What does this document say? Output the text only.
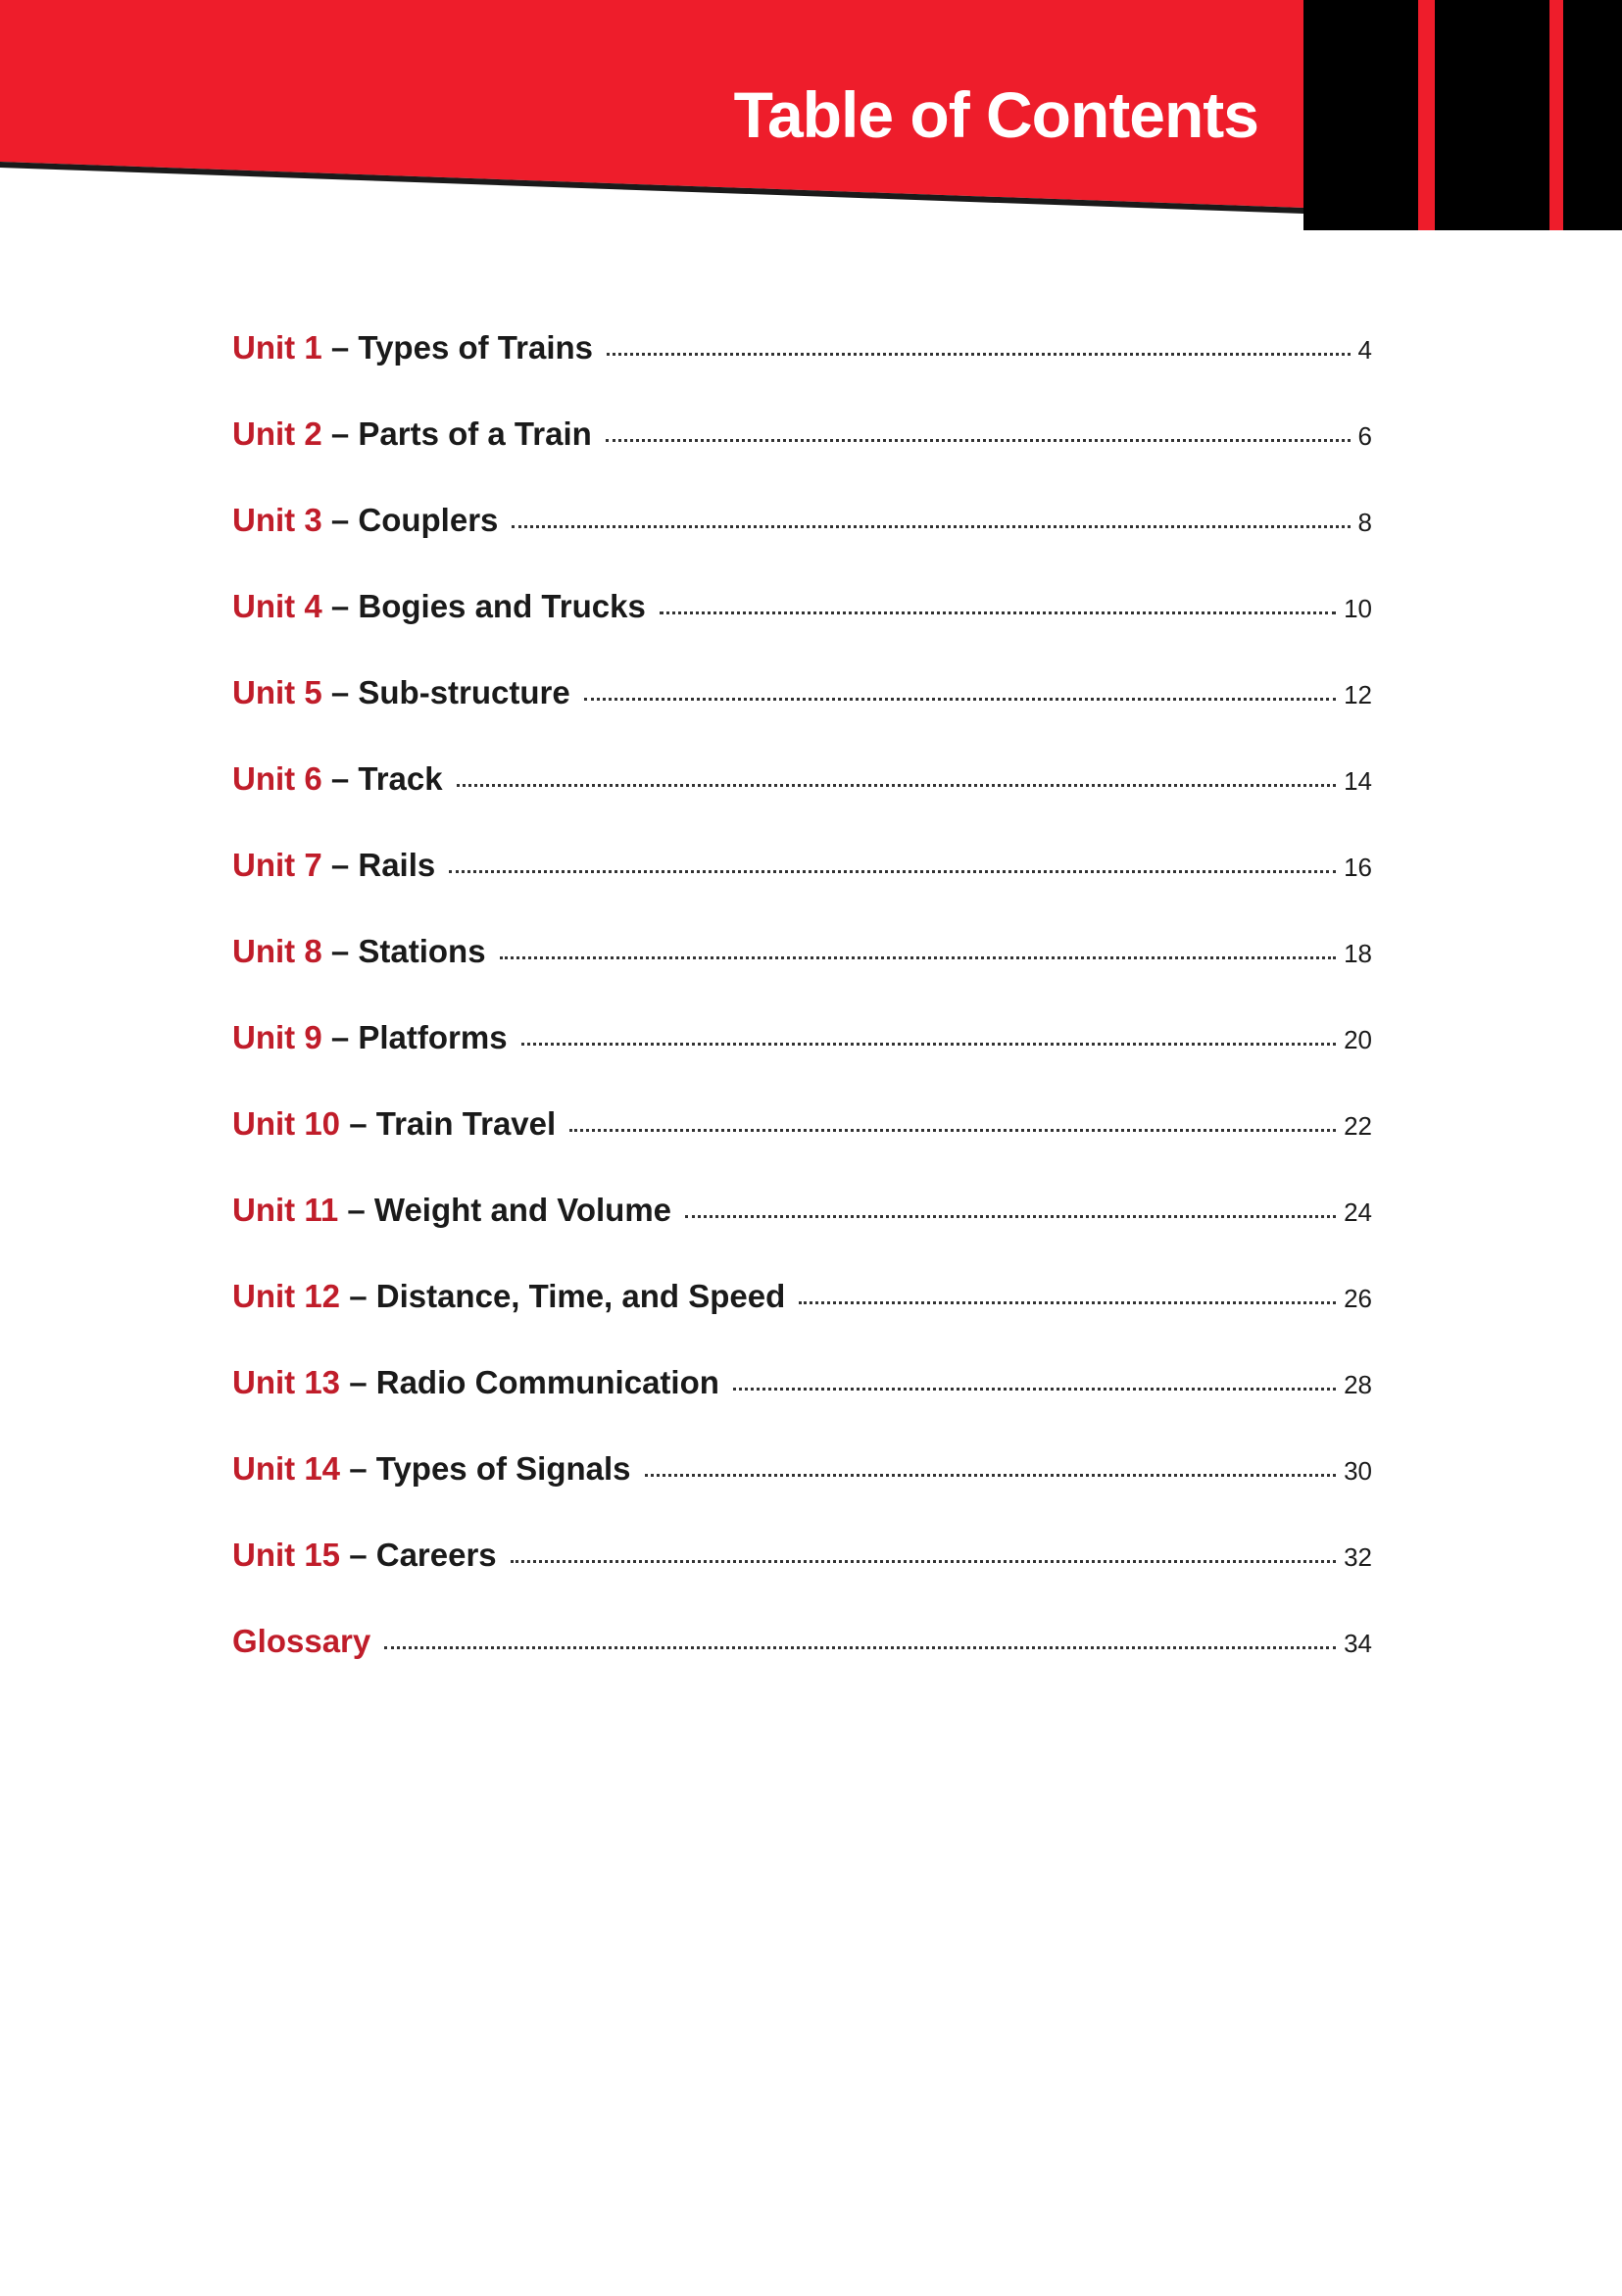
Table of Contents
Unit 1 – Types of Trains	4
Unit 2 – Parts of a Train	6
Unit 3 – Couplers	8
Unit 4 – Bogies and Trucks	10
Unit 5 – Sub-structure	12
Unit 6 – Track	14
Unit 7 – Rails	16
Unit 8 – Stations	18
Unit 9 – Platforms	20
Unit 10 – Train Travel	22
Unit 11 – Weight and Volume	24
Unit 12 – Distance, Time, and Speed	26
Unit 13 – Radio Communication	28
Unit 14 – Types of Signals	30
Unit 15 – Careers	32
Glossary	34
